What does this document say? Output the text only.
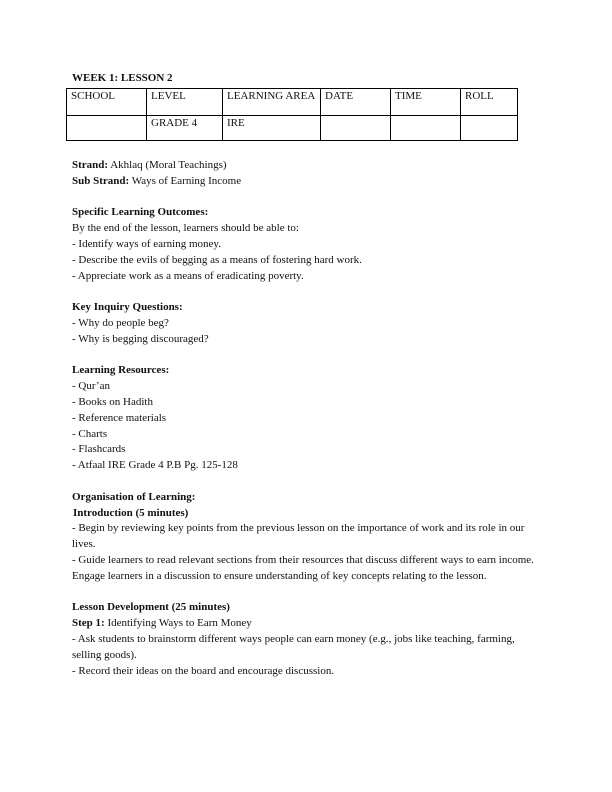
WEEK 1: LESSON 2
SCHOOL	LEVEL	LEARNING AREA	DATE	TIME	ROLL
	GRADE 4	IRE			
Strand: Akhlaq (Moral Teachings)
Sub Strand: Ways of Earning Income
Specific Learning Outcomes:
By the end of the lesson, learners should be able to:
- Identify ways of earning money.
- Describe the evils of begging as a means of fostering hard work.
- Appreciate work as a means of eradicating poverty.
Key Inquiry Questions:
- Why do people beg?
- Why is begging discouraged?
Learning Resources:
- Qur’an
- Books on Hadith
- Reference materials
- Charts
- Flashcards
- Atfaal IRE Grade 4 P.B Pg. 125-128
Organisation of Learning:
Introduction (5 minutes)
- Begin by reviewing key points from the previous lesson on the importance of work and its role in our lives.
- Guide learners to read relevant sections from their resources that discuss different ways to earn income. Engage learners in a discussion to ensure understanding of key concepts relating to the lesson.
Lesson Development (25 minutes)
Step 1: Identifying Ways to Earn Money
- Ask students to brainstorm different ways people can earn money (e.g., jobs like teaching, farming, selling goods).
- Record their ideas on the board and encourage discussion.
